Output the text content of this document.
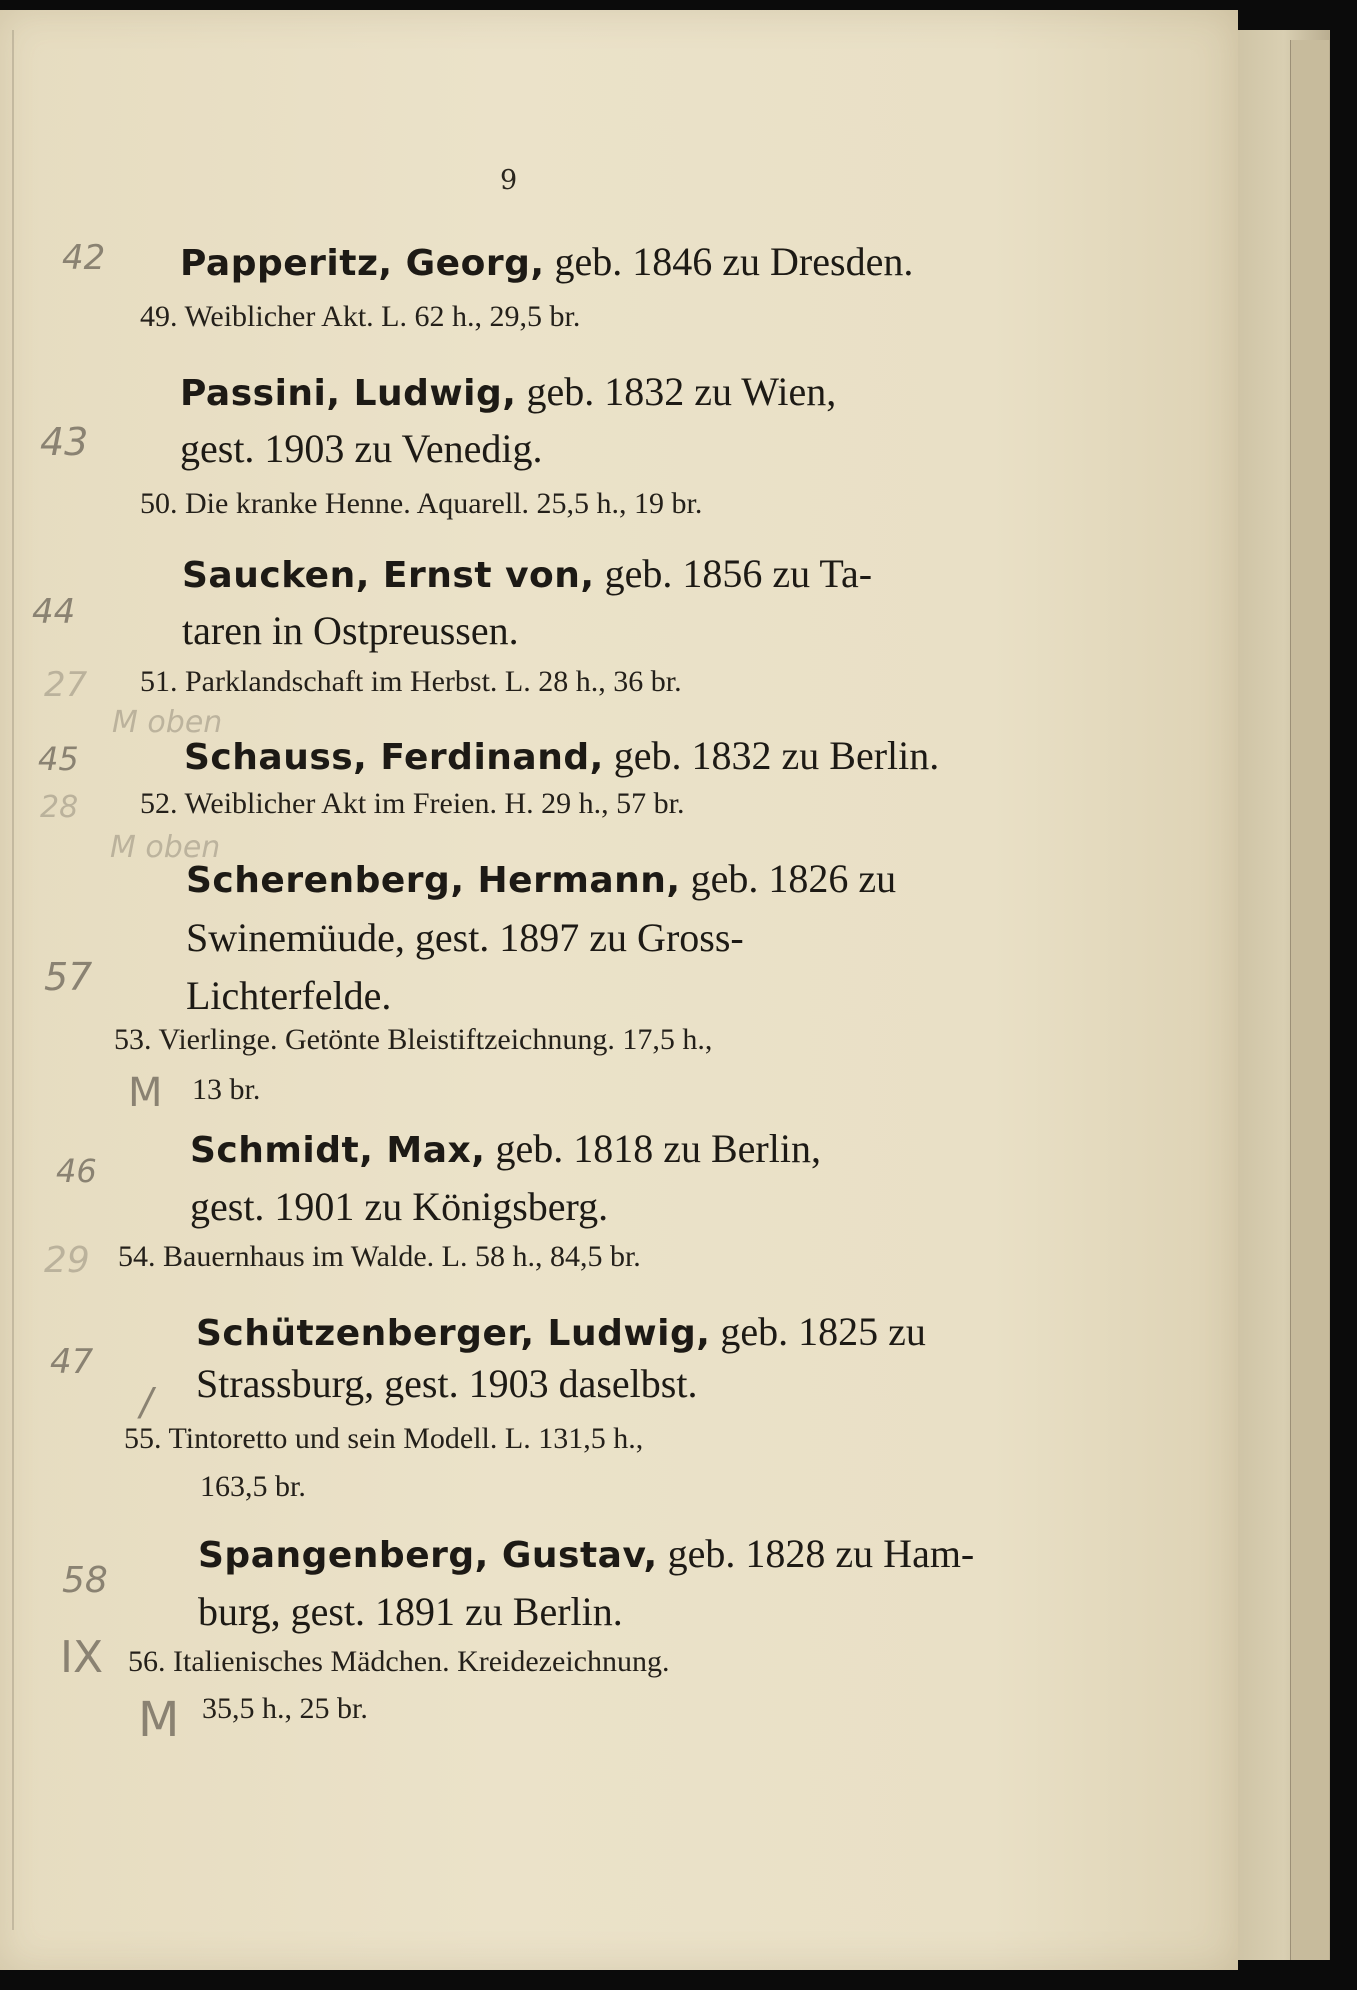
9
Papperitz, Georg, geb. 1846 zu Dresden.
49. Weiblicher Akt. L. 62 h., 29,5 br.
42
Passini, Ludwig, geb. 1832 zu Wien,
gest. 1903 zu Venedig.
50. Die kranke Henne. Aquarell. 25,5 h., 19 br.
43
Saucken, Ernst von, geb. 1856 zu Ta-
taren in Ostpreussen.
51. Parklandschaft im Herbst. L. 28 h., 36 br.
44
27
M oben
Schauss, Ferdinand, geb. 1832 zu Berlin.
52. Weiblicher Akt im Freien. H. 29 h., 57 br.
45
28
M oben
Scherenberg, Hermann, geb. 1826 zu
Swinemüude, gest. 1897 zu Gross-
Lichterfelde.
53. Vierlinge. Getönte Bleistiftzeichnung. 17,5 h.,
13 br.
57
M
Schmidt, Max, geb. 1818 zu Berlin,
gest. 1901 zu Königsberg.
54. Bauernhaus im Walde. L. 58 h., 84,5 br.
46
29
Schützenberger, Ludwig, geb. 1825 zu
Strassburg, gest. 1903 daselbst.
55. Tintoretto und sein Modell. L. 131,5 h.,
163,5 br.
47
/
Spangenberg, Gustav, geb. 1828 zu Ham-
burg, gest. 1891 zu Berlin.
56. Italienisches Mädchen. Kreidezeichnung.
35,5 h., 25 br.
58
IX
M
